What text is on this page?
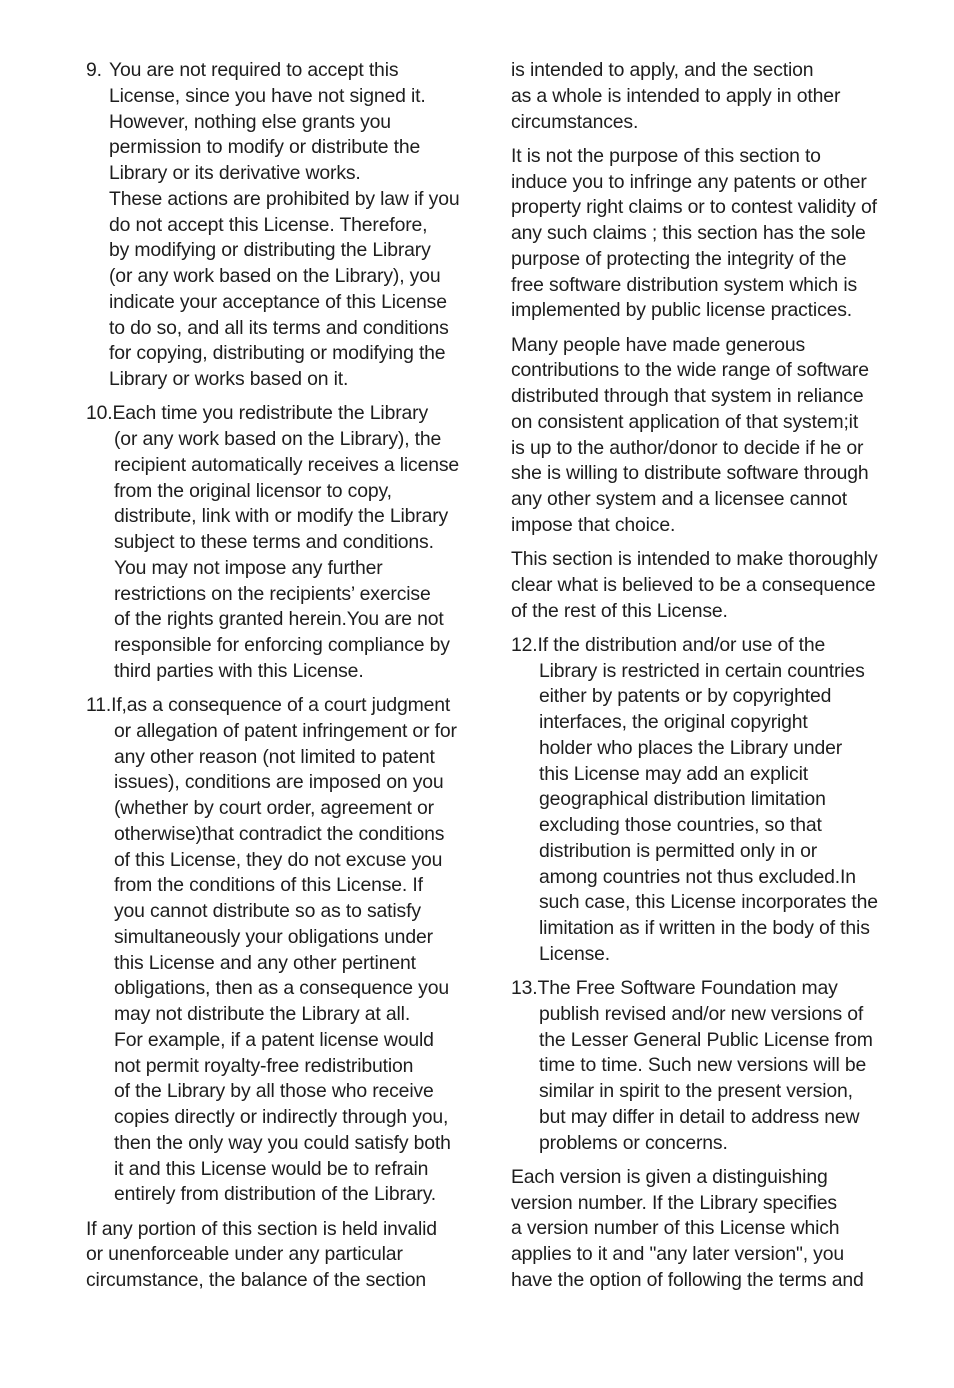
9. You are not required to accept this
License, since you have not signed it.
However, nothing else grants you
permission to modify or distribute the
Library or its derivative works.
These actions are prohibited by law if you
do not accept this License. Therefore,
by modifying or distributing the Library
(or any work based on the Library), you
indicate your acceptance of this License
to do so, and all its terms and conditions
for copying, distributing or modifying the
Library or works based on it.
10.Each time you redistribute the Library
(or any work based on the Library), the
recipient automatically receives a license
from the original licensor to copy,
distribute, link with or modify the Library
subject to these terms and conditions.
You may not impose any further
restrictions on the recipients’ exercise
of the rights granted herein.You are not
responsible for enforcing compliance by
third parties with this License.
11.If,as a consequence of a court judgment
or allegation of patent infringement or for
any other reason (not limited to patent
issues), conditions are imposed on you
(whether by court order, agreement or
otherwise)that contradict the conditions
of this License, they do not excuse you
from the conditions of this License. If
you cannot distribute so as to satisfy
simultaneously your obligations under
this License and any other pertinent
obligations, then as a consequence you
may not distribute the Library at all.
For example, if a patent license would
not permit royalty-free redistribution
of the Library by all those who receive
copies directly or indirectly through you,
then the only way you could satisfy both
it and this License would be to refrain
entirely from distribution of the Library.
If any portion of this section is held invalid
or unenforceable under any particular
circumstance, the balance of the section
is intended to apply, and the section
as a whole is intended to apply in other
circumstances.
It is not the purpose of this section to
induce you to infringe any patents or other
property right claims or to contest validity of
any such claims ; this section has the sole
purpose of protecting the integrity of the
free software distribution system which is
implemented by public license practices.
Many people have made generous
contributions to the wide range of software
distributed through that system in reliance
on consistent application of that system;it
is up to the author/donor to decide if he or
she is willing to distribute software through
any other system and a licensee cannot
impose that choice.
This section is intended to make thoroughly
clear what is believed to be a consequence
of the rest of this License.
12.If the distribution and/or use of the
Library is restricted in certain countries
either by patents or by copyrighted
interfaces, the original copyright
holder who places the Library under
this License may add an explicit
geographical distribution limitation
excluding those countries, so that
distribution is permitted only in or
among countries not thus excluded.In
such case, this License incorporates the
limitation as if written in the body of this
License.
13.The Free Software Foundation may
publish revised and/or new versions of
the Lesser General Public License from
time to time. Such new versions will be
similar in spirit to the present version,
but may differ in detail to address new
problems or concerns.
Each version is given a distinguishing
version number. If the Library specifies
a version number of this License which
applies to it and "any later version", you
have the option of following the terms and
